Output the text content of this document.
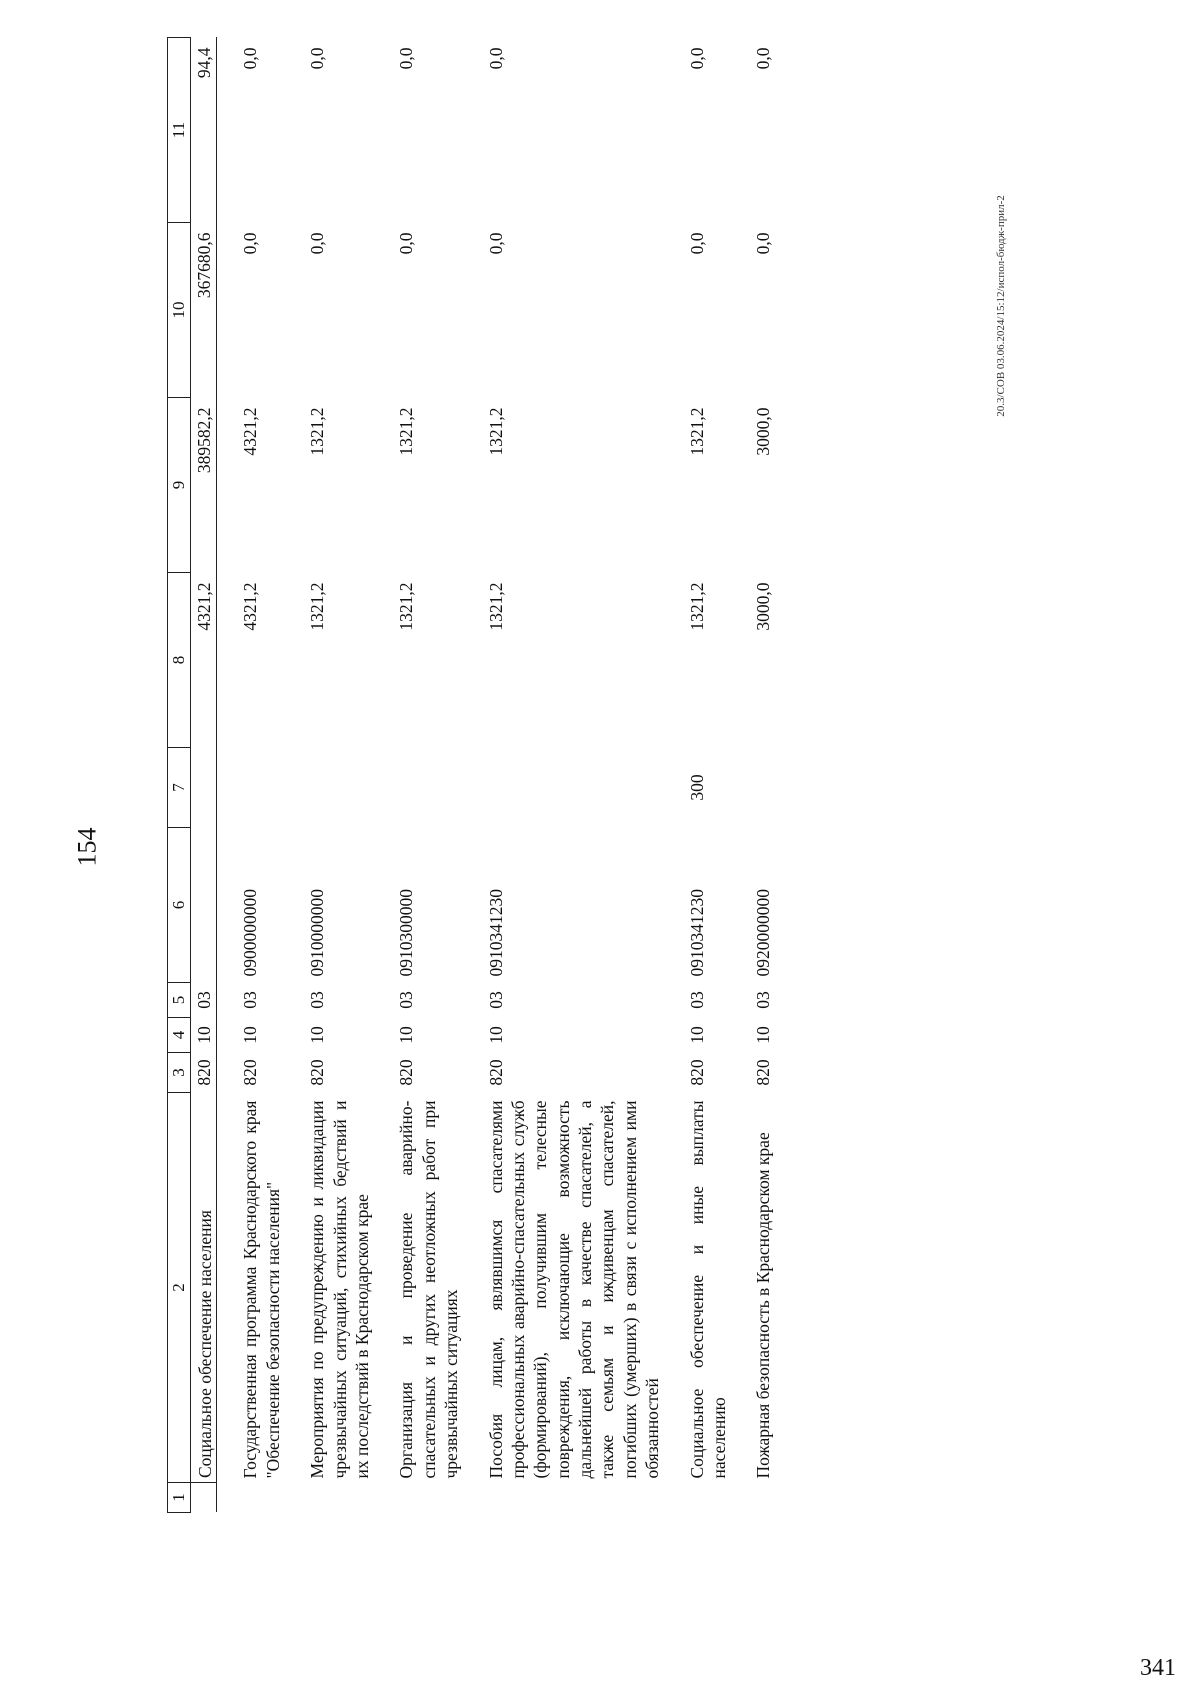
154
20.3/СОВ 03.06.2024/15:12/испол-бюдж-прил-2
341
1	2	3	4	5	6	7	8	9	10	11
	Социальное обеспечение населения	820	10	03			4321,2	389582,2	367680,6	94,4
	Государственная программа Краснодарского края "Обеспечение безопасности населения"	820	10	03	0900000000		4321,2	4321,2	0,0	0,0
	Мероприятия по предупреждению и ликвидации чрезвычайных ситуаций, стихийных бедствий и их последствий в Краснодарском крае	820	10	03	0910000000		1321,2	1321,2	0,0	0,0
	Организация и проведение аварийно-спасательных и других неотложных работ при чрезвычайных ситуациях	820	10	03	0910300000		1321,2	1321,2	0,0	0,0
	Пособия лицам, являвшимся спасателями профессиональных аварийно-спасательных служб (формирований), получившим телесные повреждения, исключающие возможность дальнейшей работы в качестве спасателей, а также семьям и иждивенцам спасателей, погибших (умерших) в связи с исполнением ими обязанностей	820	10	03	0910341230		1321,2	1321,2	0,0	0,0
	Социальное обеспечение и иные выплаты населению	820	10	03	0910341230	300	1321,2	1321,2	0,0	0,0
	Пожарная безопасность в Краснодарском крае	820	10	03	0920000000		3000,0	3000,0	0,0	0,0
